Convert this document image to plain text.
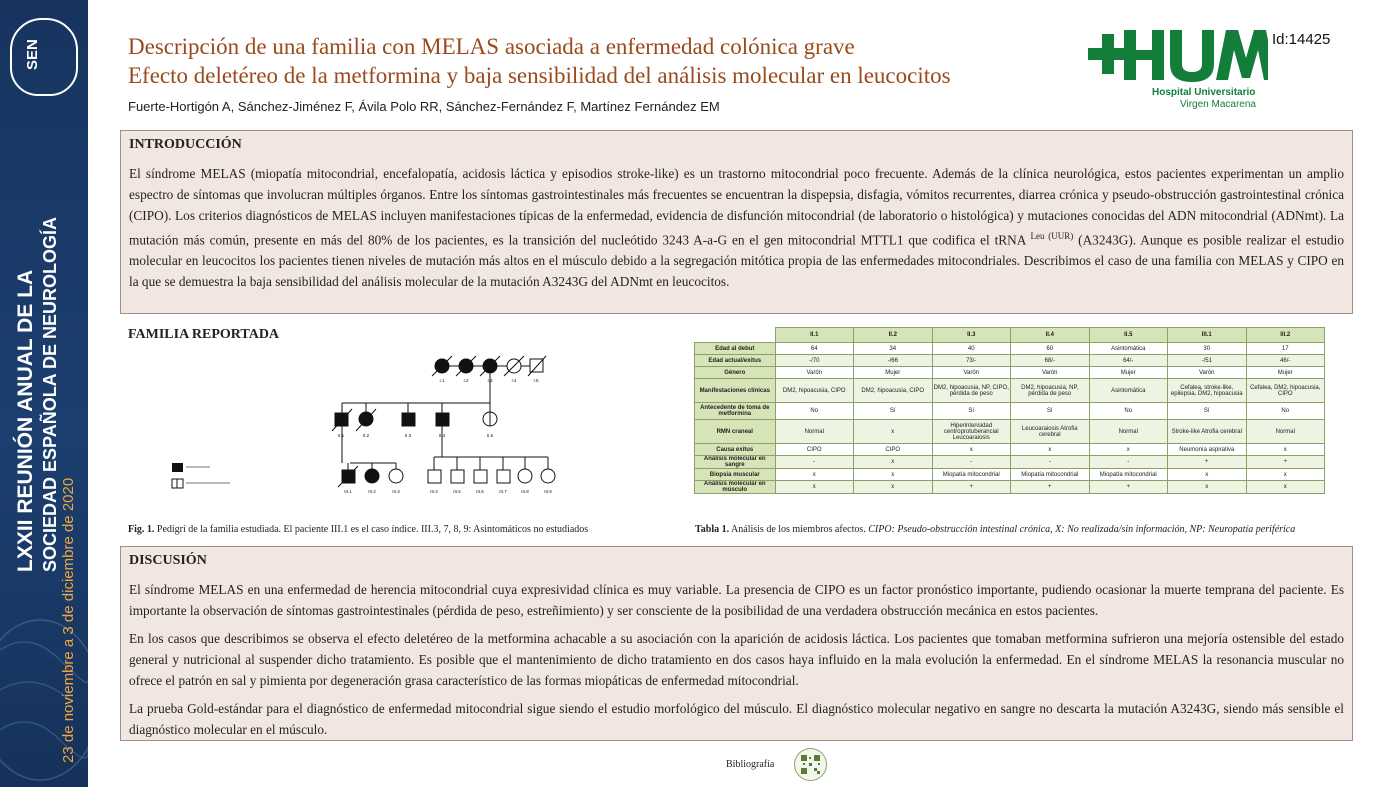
SEN
LXXII REUNIÓN ANUAL DE LA SOCIEDAD ESPAÑOLA DE NEUROLOGÍA
23 de noviembre a 3 de diciembre de 2020
Descripción de una familia con MELAS asociada a enfermedad colónica grave
Efecto deletéreo de la metformina y baja sensibilidad del análisis molecular en leucocitos
Fuerte-Hortigón A, Sánchez-Jiménez F, Ávila Polo RR, Sánchez-Fernández F, Martínez Fernández EM
Hospital Universitario
Virgen Macarena
Id:14425
INTRODUCCIÓN

El síndrome MELAS (miopatía mitocondrial, encefalopatía, acidosis láctica y episodios stroke-like) es un trastorno mitocondrial poco frecuente. Además de la clínica neurológica, estos pacientes experimentan un amplio espectro de síntomas que involucran múltiples órganos. Entre los síntomas gastrointestinales más frecuentes se encuentran la dispepsia, disfagia, vómitos recurrentes, diarrea crónica y pseudo-obstrucción gastrointestinal crónica (CIPO). Los criterios diagnósticos de MELAS incluyen manifestaciones típicas de la enfermedad, evidencia de disfunción mitocondrial (de laboratorio o histológica) y mutaciones conocidas del ADN mitocondrial (ADNmt). La mutación más común, presente en más del 80% de los pacientes, es la transición del nucleótido 3243 A-a-G en el gen mitocondrial MTTL1 que codifica el tRNA $^{Leu (UUR)}$ (A3243G). Aunque es posible realizar el estudio molecular en leucocitos los pacientes tienen niveles de mutación más altos en el músculo debido a la segregación mitótica propia de las enfermedades mitocondriales. Describimos el caso de una familia con MELAS y CIPO en la que se demuestra la baja sensibilidad del análisis molecular de la mutación A3243G del ADNmt en leucocitos.

FAMILIA REPORTADA
I.1	I.2	I.3	I.4	I.5
II.1	II.2	II.3	II.4	II.5
III.1	III.2	III.3	III.4	III.5	III.6	III.7	III.8	III.9
Fig. 1. Pedigrí de la familia estudiada. El paciente III.1 es el caso índice. III.3, 7, 8, 9: Asintomáticos no estudiados
	II.1	II.2	II.3	II.4	II.5	III.1	III.2
Edad al debut	64	34	40	60	Asintomática	30	17
Edad actual/exitus	-/70	-/66	73/-	68/-	64/-	-/51	46/-
Género	Varón	Mujer	Varón	Varón	Mujer	Varón	Mujer
Manifestaciones clínicas	DM2, hipoacusia, CIPO	DM2, hipoacusia, CIPO	DM2, hipoacusia, NP, CIPO, pérdida de peso	DM2, hipoacusia, NP, pérdida de peso	Asintomática	Cefalea, stroke-like, epilepsia, DM2, hipoacusia	Cefalea, DM2, hipoacusia, CIPO
Antecedente de toma de metformina	No	Sí	Sí	Sí	No	Sí	No
RMN craneal	Normal	x	Hiperintensidad centroprotuberancial Leucoaraiosis	Leucoaraiosis Atrofia cerebral	Normal	Stroke-like Atrofia cerebral	Normal
Causa exitus	CIPO	CIPO	x	x	x	Neumonía aspirativa	x
Análisis molecular en sangre	-	x	-	-	-	+	+
Biopsia muscular	x	x	Miopatía mitocondrial	Miopatía mitocondrial	Miopatía mitocondrial	x	x
Análisis molecular en músculo	x	x	+	+	+	x	x
Tabla 1. Análisis de los miembros afectos. CIPO: Pseudo-obstrucción intestinal crónica, X: No realizada/sin información, NP: Neuropatía periférica
DISCUSIÓN

El síndrome MELAS en una enfermedad de herencia mitocondrial cuya expresividad clínica es muy variable. La presencia de CIPO es un factor pronóstico importante, pudiendo ocasionar la muerte temprana del paciente. Es importante la observación de síntomas gastrointestinales (pérdida de peso, estreñimiento) y ser consciente de la posibilidad de una verdadera obstrucción mecánica en estos pacientes.

En los casos que describimos se observa el efecto deletéreo de la metformina achacable a su asociación con la aparición de acidosis láctica. Los pacientes que tomaban metformina sufrieron una mejoría ostensible del estado general y nutricional al suspender dicho tratamiento. Es posible que el mantenimiento de dicho tratamiento en dos casos haya influido en la mala evolución la enfermedad. En el síndrome MELAS la resonancia muscular no ofrece el patrón en sal y pimienta por degeneración grasa característico de las formas miopáticas de enfermedad mitocondrial.

La prueba Gold-estándar para el diagnóstico de enfermedad mitocondrial sigue siendo el estudio morfológico del músculo. El diagnóstico molecular negativo en sangre no descarta la mutación A3243G, siendo más sensible el diagnóstico molecular en el músculo.

Bibliografía
